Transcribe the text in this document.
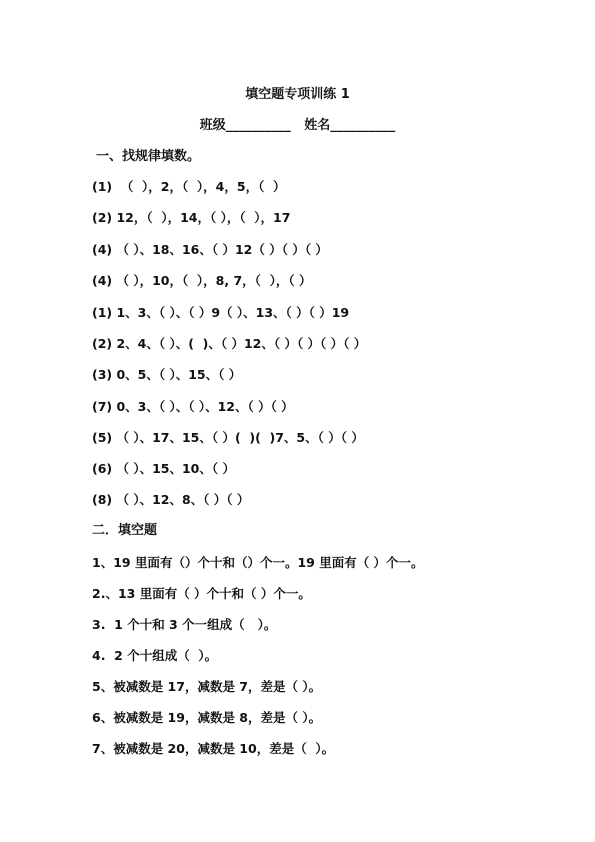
填空题专项训练 1
班级__________   姓名__________
一、找规律填数。
(1)  （  ），2，（  ），4，5，（  ）
(2) 12，（  ），14，（ ），（  ），17
(4) （ ）、18、16、（ ）12（ ）（ ）（ ）
(4) （ ），10，（  ），8, 7，（  ），（ ）
(1) 1、3、（ ）、（ ）9（ ）、13、（ ）（ ）19
(2) 2、4、（ ）、(  )、（ ）12、（ ）（ ）（ ）（ ）
(3) 0、5、（ ）、15、（ ）
(7) 0、3、（ ）、（ ）、12、（ ）（ ）
(5) （ ）、17、15、（ ）(  )(  )7、5、（ ）（ ）
(6) （ ）、15、10、（ ）
(8) （ ）、12、8、（ ）（ ）
二．填空题
1、19 里面有（）个十和（）个一。19 里面有（ ）个一。
2.、13 里面有（ ）个十和（ ）个一。
3.  1 个十和 3 个一组成（   ）。
4.  2 个十组成（  ）。
5、被减数是 17，减数是 7，差是（ ）。
6、被减数是 19，减数是 8，差是（ ）。
7、被减数是 20，减数是 10，差是（  ）。
